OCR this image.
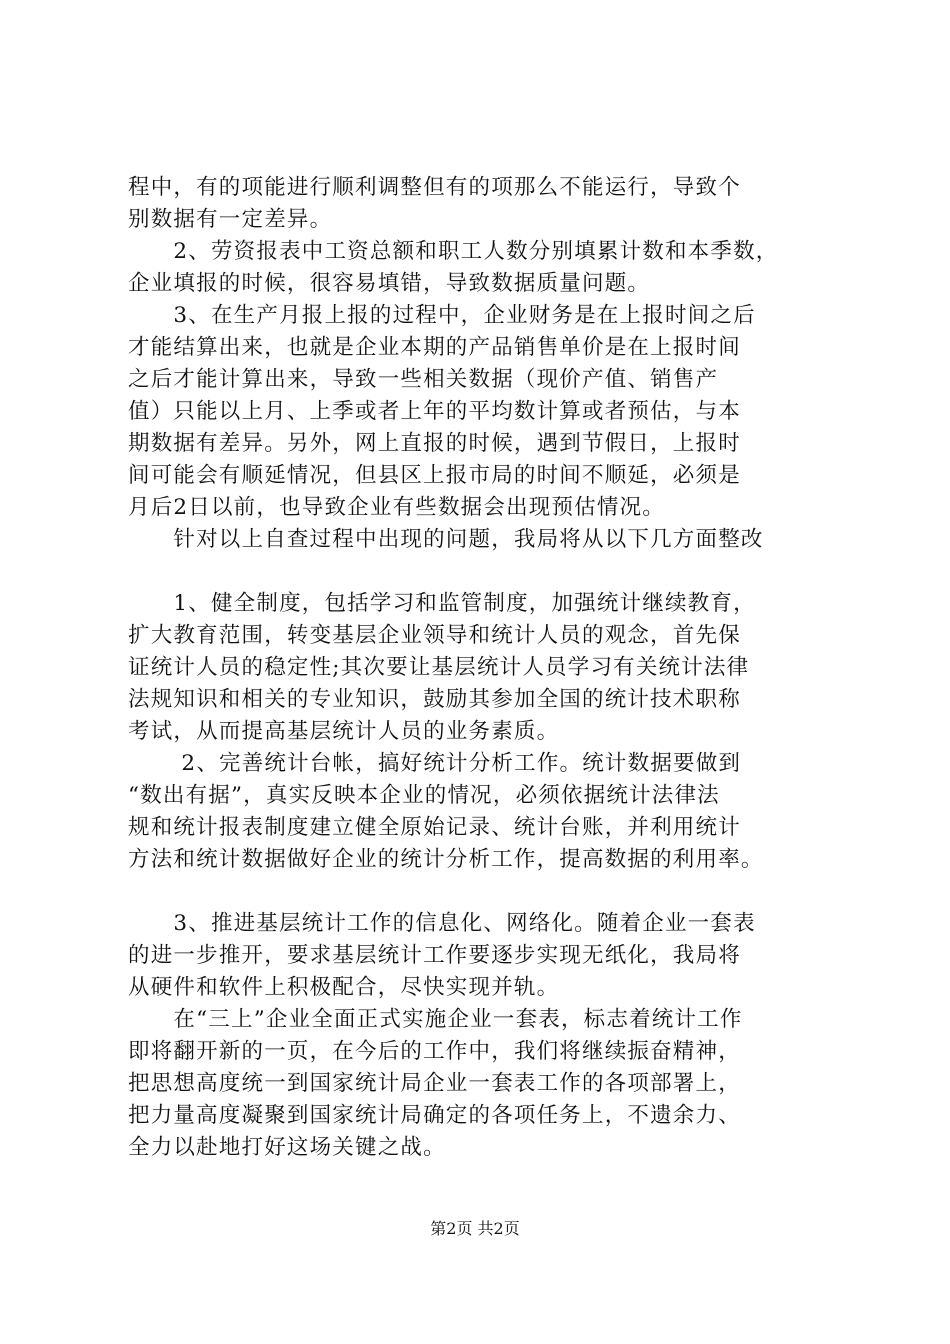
程中，有的项能进行顺利调整但有的项那么不能运行，导致个
别数据有一定差异。
　　2、劳资报表中工资总额和职工人数分别填累计数和本季数，
企业填报的时候，很容易填错，导致数据质量问题。
　　3、在生产月报上报的过程中，企业财务是在上报时间之后
才能结算出来，也就是企业本期的产品销售单价是在上报时间
之后才能计算出来，导致一些相关数据（现价产值、销售产
值）只能以上月、上季或者上年的平均数计算或者预估，与本
期数据有差异。另外，网上直报的时候，遇到节假日，上报时
间可能会有顺延情况，但县区上报市局的时间不顺延，必须是
月后2日以前，也导致企业有些数据会出现预估情况。
　　针对以上自查过程中出现的问题，我局将从以下几方面整改
　　1、健全制度，包括学习和监管制度，加强统计继续教育，
扩大教育范围，转变基层企业领导和统计人员的观念，首先保
证统计人员的稳定性;其次要让基层统计人员学习有关统计法律
法规知识和相关的专业知识，鼓励其参加全国的统计技术职称
考试，从而提高基层统计人员的业务素质。
　　 2、完善统计台帐，搞好统计分析工作。统计数据要做到
“数出有据”，真实反映本企业的情况，必须依据统计法律法
规和统计报表制度建立健全原始记录、统计台账，并利用统计
方法和统计数据做好企业的统计分析工作，提高数据的利用率。
　　3、推进基层统计工作的信息化、网络化。随着企业一套表
的进一步推开，要求基层统计工作要逐步实现无纸化，我局将
从硬件和软件上积极配合，尽快实现并轨。
　　在“三上”企业全面正式实施企业一套表，标志着统计工作
即将翻开新的一页，在今后的工作中，我们将继续振奋精神，
把思想高度统一到国家统计局企业一套表工作的各项部署上，
把力量高度凝聚到国家统计局确定的各项任务上，不遗余力、
全力以赴地打好这场关键之战。
第2页 共2页
